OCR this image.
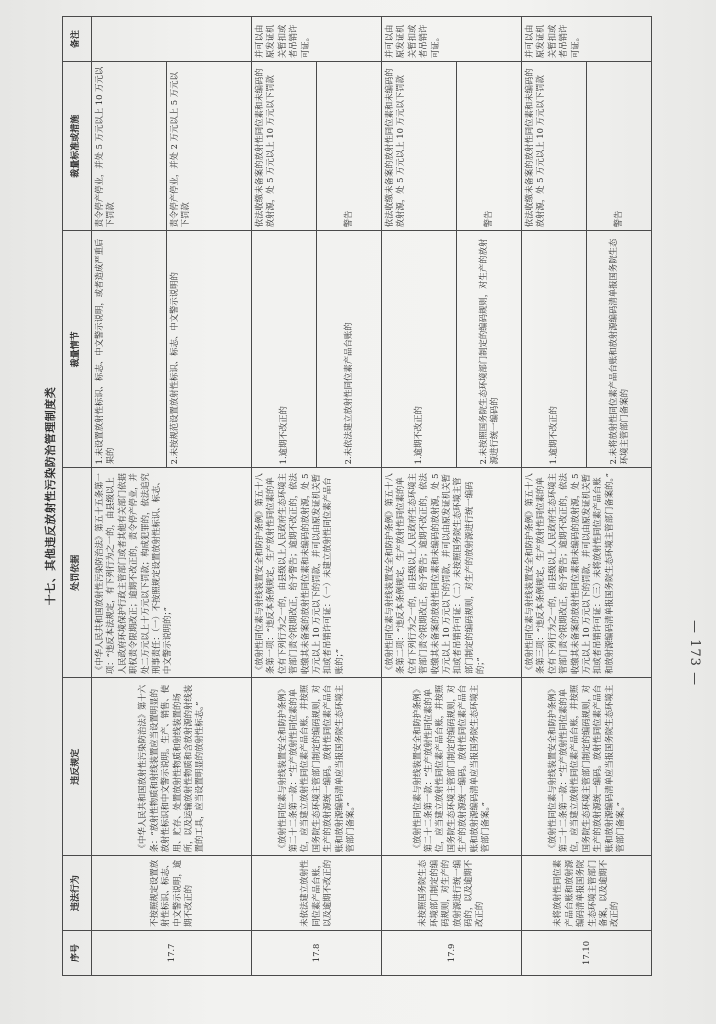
十七、其他违反放射性污染防治管理制度类
序号	违法行为	违反规定	处罚依据	裁量情节	裁量标准或措施	备注
17.7	不按照规定设置放射性标识、标志、中文警示说明，逾期不改正的	《中华人民共和国放射性污染防治法》第十六条：“放射性物质和射线装置应当设置明显的放射性标识和中文警示说明。生产、销售、使用、贮存、处置放射性物质和射线装置的场所，以及运输放射性物质和含放射源的射线装置的工具，应当设置明显的放射性标志。”	《中华人民共和国放射性污染防治法》第五十五条第一项：“违反本法规定，有下列行为之一的，由县级以上人民政府环境保护行政主管部门或者其他有关部门依据职权责令限期改正；逾期不改正的，责令停产停业，并处二万元以上十万元以下罚款；构成犯罪的，依法追究刑事责任：（一）不按照规定设置放射性标识、标志、中文警示说明的；”	1.未设置放射性标识、标志、中文警示说明，或者造成严重后果的	责令停产停业，并处 5 万元以上 10 万元以下罚款	
				2.未按规范设置放射性标识、标志、中文警示说明的	责令停产停业，并处 2 万元以上 5 万元以下罚款	
17.8	未依法建立放射性同位素产品台账，以及逾期不改正的	《放射性同位素与射线装置安全和防护条例》第二十二条第一款：“生产放射性同位素的单位，应当建立放射性同位素产品台账，并按照国务院生态环境主管部门制定的编码规则，对生产的放射源统一编码。放射性同位素产品台账和放射源编码清单应当报国务院生态环境主管部门备案。”	《放射性同位素与射线装置安全和防护条例》第五十八条第一项：“违反本条例规定，生产放射性同位素的单位有下列行为之一的，由县级以上人民政府生态环境主管部门责令限期改正，给予警告；逾期不改正的，依法收缴其未备案的放射性同位素和未编码的放射源，处 5 万元以上 10 万元以下的罚款，并可以由原发证机关暂扣或者吊销许可证：（一）未建立放射性同位素产品台账的；”	1.逾期不改正的	依法收缴未备案的放射性同位素和未编码的放射源，处 5 万元以上 10 万元以下罚款	并可以由原发证机关暂扣或者吊销许可证。
				2.未依法建立放射性同位素产品台账的	警告	
17.9	未按照国务院生态环境部门制定的编码规则，对生产的放射源进行统一编码的，以及逾期不改正的	《放射性同位素与射线装置安全和防护条例》第二十二条第一款：“生产放射性同位素的单位，应当建立放射性同位素产品台账，并按照国务院生态环境主管部门制定的编码规则，对生产的放射源统一编码。放射性同位素产品台账和放射源编码清单应当报国务院生态环境主管部门备案。”	《放射性同位素与射线装置安全和防护条例》第五十八条第二项：“违反本条例规定，生产放射性同位素的单位有下列行为之一的，由县级以上人民政府生态环境主管部门责令限期改正，给予警告；逾期不改正的，依法收缴其未备案的放射性同位素和未编码的放射源，处 5 万元以上 10 万元以下的罚款，并可以由原发证机关暂扣或者吊销许可证：（二）未按照国务院生态环境主管部门制定的编码规则，对生产的放射源进行统一编码的；”	1.逾期不改正的	依法收缴未备案的放射性同位素和未编码的放射源，处 5 万元以上 10 万元以下罚款	并可以由原发证机关暂扣或者吊销许可证。
				2.未按照国务院生态环境部门制定的编码规则，对生产的放射源进行统一编码的	警告	
17.10	未将放射性同位素产品台账和放射源编码清单报国务院生态环境主管部门备案，以及逾期不改正的	《放射性同位素与射线装置安全和防护条例》第二十二条第一款：“生产放射性同位素的单位，应当建立放射性同位素产品台账，并按照国务院生态环境主管部门制定的编码规则，对生产的放射源统一编码。放射性同位素产品台账和放射源编码清单应当报国务院生态环境主管部门备案。”	《放射性同位素与射线装置安全和防护条例》第五十八条第三项：“违反本条例规定，生产放射性同位素的单位有下列行为之一的，由县级以上人民政府生态环境主管部门责令限期改正，给予警告；逾期不改正的，依法收缴其未备案的放射性同位素和未编码的放射源，处 5 万元以上 10 万元以下的罚款，并可以由原发证机关暂扣或者吊销许可证：（三）未将放射性同位素产品台账和放射源编码清单报国务院生态环境主管部门备案的。”	1.逾期不改正的	依法收缴未备案的放射性同位素和未编码的放射源，处 5 万元以上 10 万元以下罚款	并可以由原发证机关暂扣或者吊销许可证。
				2.未将放射性同位素产品台账和放射源编码清单报国务院生态环境主管部门备案的	警告	
— 173 —
